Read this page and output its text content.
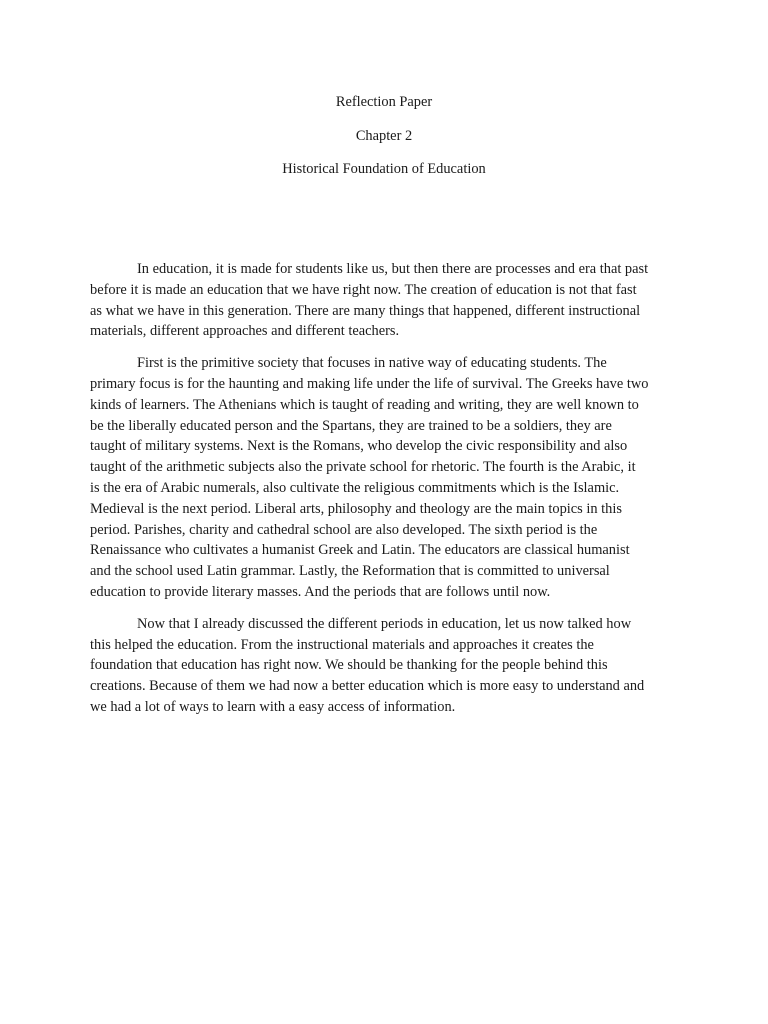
Reflection Paper
Chapter 2
Historical Foundation of Education

In education, it is made for students like us, but then there are processes and era that past
before it is made an education that we have right now. The creation of education is not that fast
as what we have in this generation. There are many things that happened, different instructional
materials, different approaches and different teachers.

First is the primitive society that focuses in native way of educating students. The
primary focus is for the haunting and making life under the life of survival. The Greeks have two
kinds of learners. The Athenians which is taught of reading and writing, they are well known to
be the liberally educated person and the Spartans, they are trained to be a soldiers, they are
taught of military systems. Next is the Romans, who develop the civic responsibility and also
taught of the arithmetic subjects also the private school for rhetoric. The fourth is the Arabic, it
is the era of Arabic numerals, also cultivate the religious commitments which is the Islamic.
Medieval is the next period. Liberal arts, philosophy and theology are the main topics in this
period. Parishes, charity and cathedral school are also developed. The sixth period is the
Renaissance who cultivates a humanist Greek and Latin. The educators are classical humanist
and the school used Latin grammar. Lastly, the Reformation that is committed to universal
education to provide literary masses. And the periods that are follows until now.

Now that I already discussed the different periods in education, let us now talked how
this helped the education. From the instructional materials and approaches it creates the
foundation that education has right now. We should be thanking for the people behind this
creations. Because of them we had now a better education which is more easy to understand and
we had a lot of ways to learn with a easy access of information.
